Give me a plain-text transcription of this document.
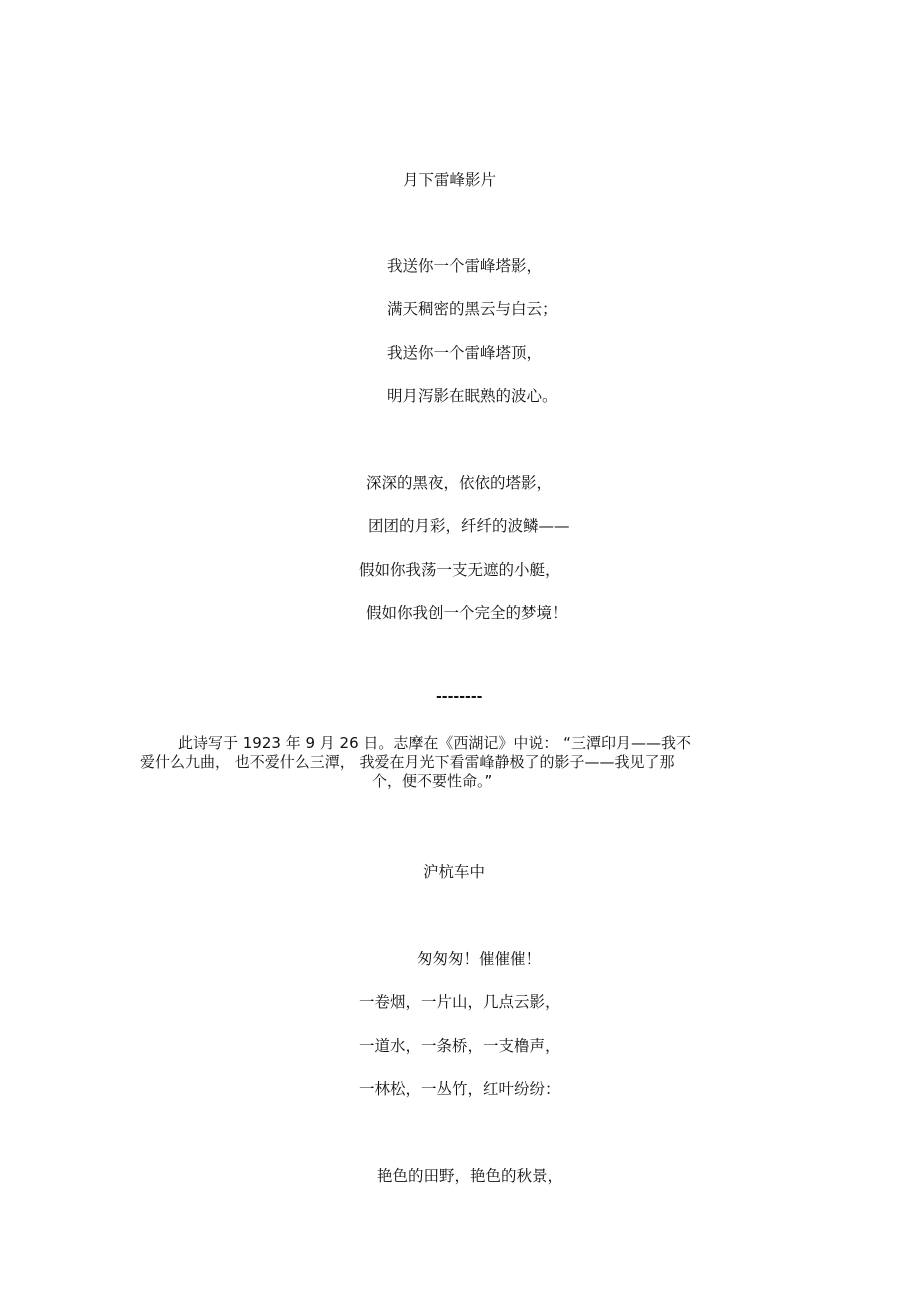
月下雷峰影片
我送你一个雷峰塔影，
满天稠密的黑云与白云；
我送你一个雷峰塔顶，
明月泻影在眠熟的波心。
深深的黑夜，依依的塔影，
团团的月彩，纤纤的波鳞——
假如你我荡一支无遮的小艇，
假如你我创一个完全的梦境！
--------
此诗写于 1923 年 9 月 26 日。志摩在《西湖记》中说： “三潭印月——我不
爱什么九曲， 也不爱什么三潭， 我爱在月光下看雷峰静极了的影子——我见了那
个，便不要性命。”
沪杭车中
匆匆匆！催催催！
一卷烟，一片山，几点云影，
一道水，一条桥，一支橹声，
一林松，一丛竹，红叶纷纷：
艳色的田野，艳色的秋景，
